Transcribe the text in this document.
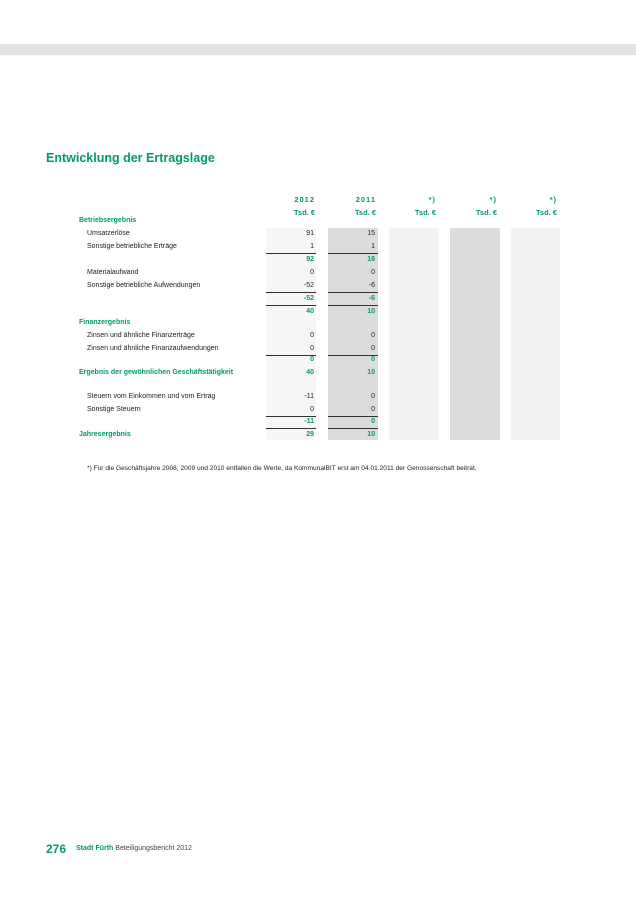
Entwicklung der Ertragslage
2012	2011	*)	*)	*)
Tsd. €	Tsd. €	Tsd. €	Tsd. €	Tsd. €
Betriebsergebnis
Umsatzerlöse	91	15
Sonstige betriebliche Erträge	1	1
92	16
Materialaufwand	0	0
Sonstige betriebliche Aufwendungen	-52	-6
-52	-6
40	10
Finanzergebnis
Zinsen und ähnliche Finanzerträge	0	0
Zinsen und ähnliche Finanzaufwendungen	0	0
0	0
Ergebnis der gewöhnlichen Geschäftstätigkeit	40	10
Steuern vom Einkommen und vom Ertrag	-11	0
Sonstige Steuern	0	0
-11	0
Jahresergebnis	29	10
*) Für die Geschäftsjahre 2008, 2009 und 2010 entfallen die Werte, da KommunalBIT erst am 04.01.2011 der Genossenschaft beitrat.
276 Stadt Fürth Beteiligungsbericht 2012
